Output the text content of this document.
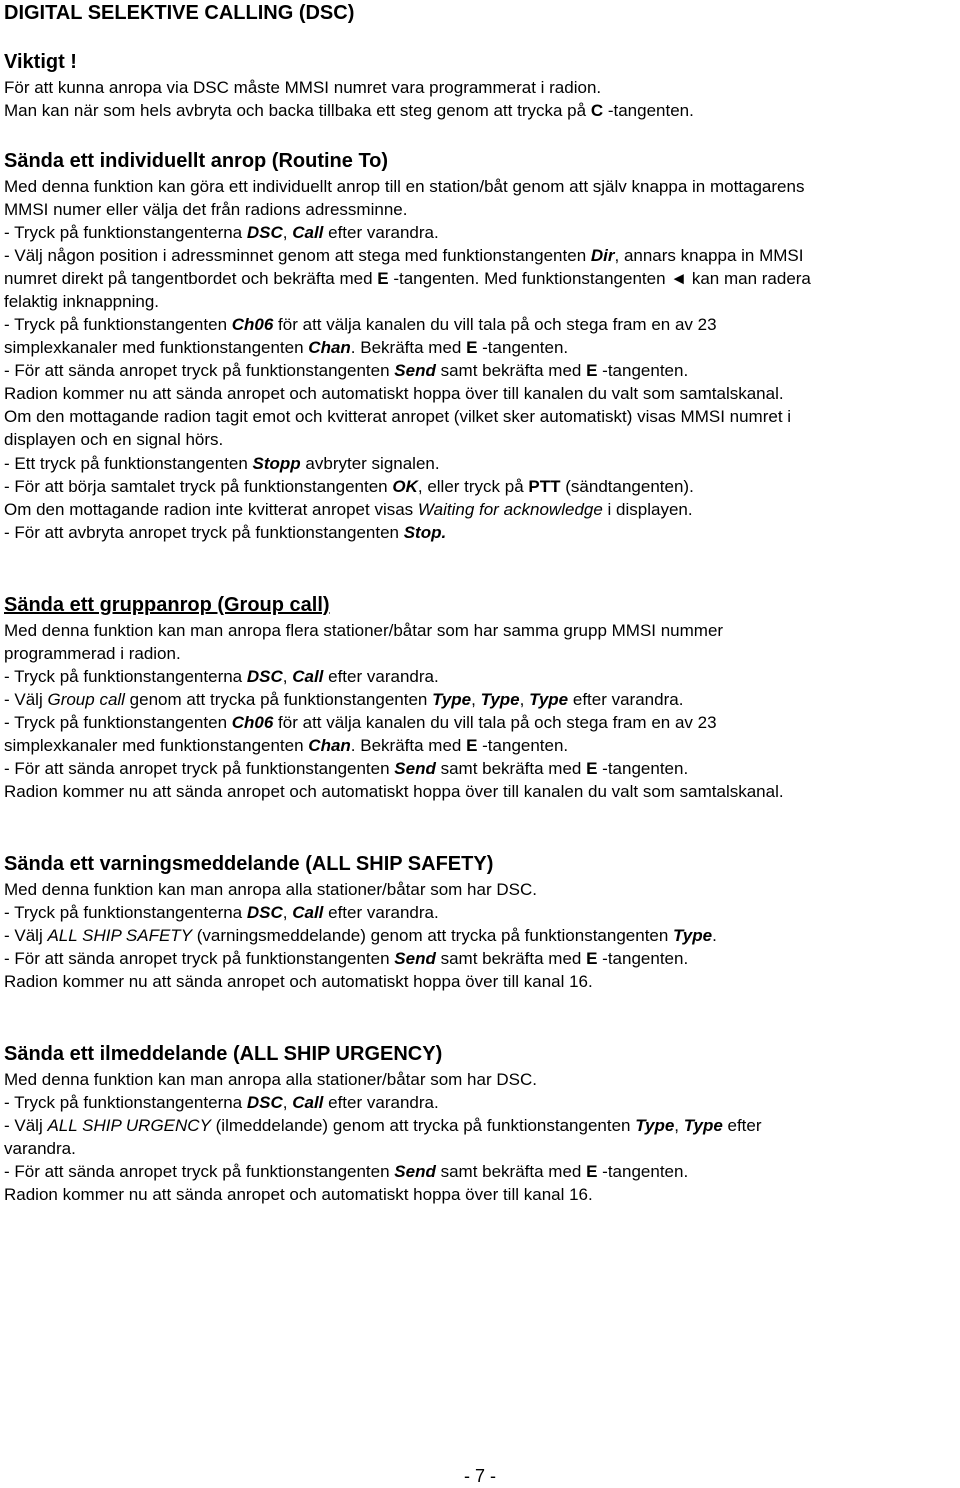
DIGITAL SELEKTIVE CALLING (DSC)
Viktigt !
För att kunna anropa via DSC måste MMSI numret vara programmerat i radion.
Man kan när som hels avbryta och backa tillbaka ett steg genom att trycka på C -tangenten.
Sända ett individuellt anrop (Routine To)
Med denna funktion kan göra ett individuellt anrop till en station/båt genom att själv knappa in mottagarens
MMSI numer eller välja det från radions adressminne.
- Tryck på funktionstangenterna DSC, Call efter varandra.
- Välj någon position i adressminnet genom att stega med funktionstangenten Dir, annars knappa in MMSI
numret direkt på tangentbordet och bekräfta med E -tangenten. Med funktionstangenten ◄ kan man radera
felaktig inknappning.
- Tryck på funktionstangenten Ch06 för att välja kanalen du vill tala på och stega fram en av 23
simplexkanaler med funktionstangenten Chan. Bekräfta med E -tangenten.
- För att sända anropet tryck på funktionstangenten Send samt bekräfta med E -tangenten.
Radion kommer nu att sända anropet och automatiskt hoppa över till kanalen du valt som samtalskanal.
Om den mottagande radion tagit emot och kvitterat anropet (vilket sker automatiskt) visas MMSI numret i
displayen och en signal hörs.
- Ett tryck på funktionstangenten Stopp avbryter signalen.
- För att börja samtalet tryck på funktionstangenten OK, eller tryck på PTT (sändtangenten).
Om den mottagande radion inte kvitterat anropet visas Waiting for acknowledge i displayen.
- För att avbryta anropet tryck på funktionstangenten Stop.
Sända ett gruppanrop (Group call)
Med denna funktion kan man anropa flera stationer/båtar som har samma grupp MMSI nummer
programmerad i radion.
- Tryck på funktionstangenterna DSC, Call efter varandra.
- Välj Group call genom att trycka på funktionstangenten Type, Type, Type efter varandra.
- Tryck på funktionstangenten Ch06 för att välja kanalen du vill tala på och stega fram en av 23
simplexkanaler med funktionstangenten Chan. Bekräfta med E -tangenten.
- För att sända anropet tryck på funktionstangenten Send samt bekräfta med E -tangenten.
Radion kommer nu att sända anropet och automatiskt hoppa över till kanalen du valt som samtalskanal.
Sända ett varningsmeddelande (ALL SHIP SAFETY)
Med denna funktion kan man anropa alla stationer/båtar som har DSC.
- Tryck på funktionstangenterna DSC, Call efter varandra.
- Välj ALL SHIP SAFETY (varningsmeddelande) genom att trycka på funktionstangenten Type.
- För att sända anropet tryck på funktionstangenten Send samt bekräfta med E -tangenten.
Radion kommer nu att sända anropet och automatiskt hoppa över till kanal 16.
Sända ett ilmeddelande (ALL SHIP URGENCY)
Med denna funktion kan man anropa alla stationer/båtar som har DSC.
- Tryck på funktionstangenterna DSC, Call efter varandra.
- Välj ALL SHIP URGENCY (ilmeddelande) genom att trycka på funktionstangenten Type, Type efter
varandra.
- För att sända anropet tryck på funktionstangenten Send samt bekräfta med E -tangenten.
Radion kommer nu att sända anropet och automatiskt hoppa över till kanal 16.
- 7 -
